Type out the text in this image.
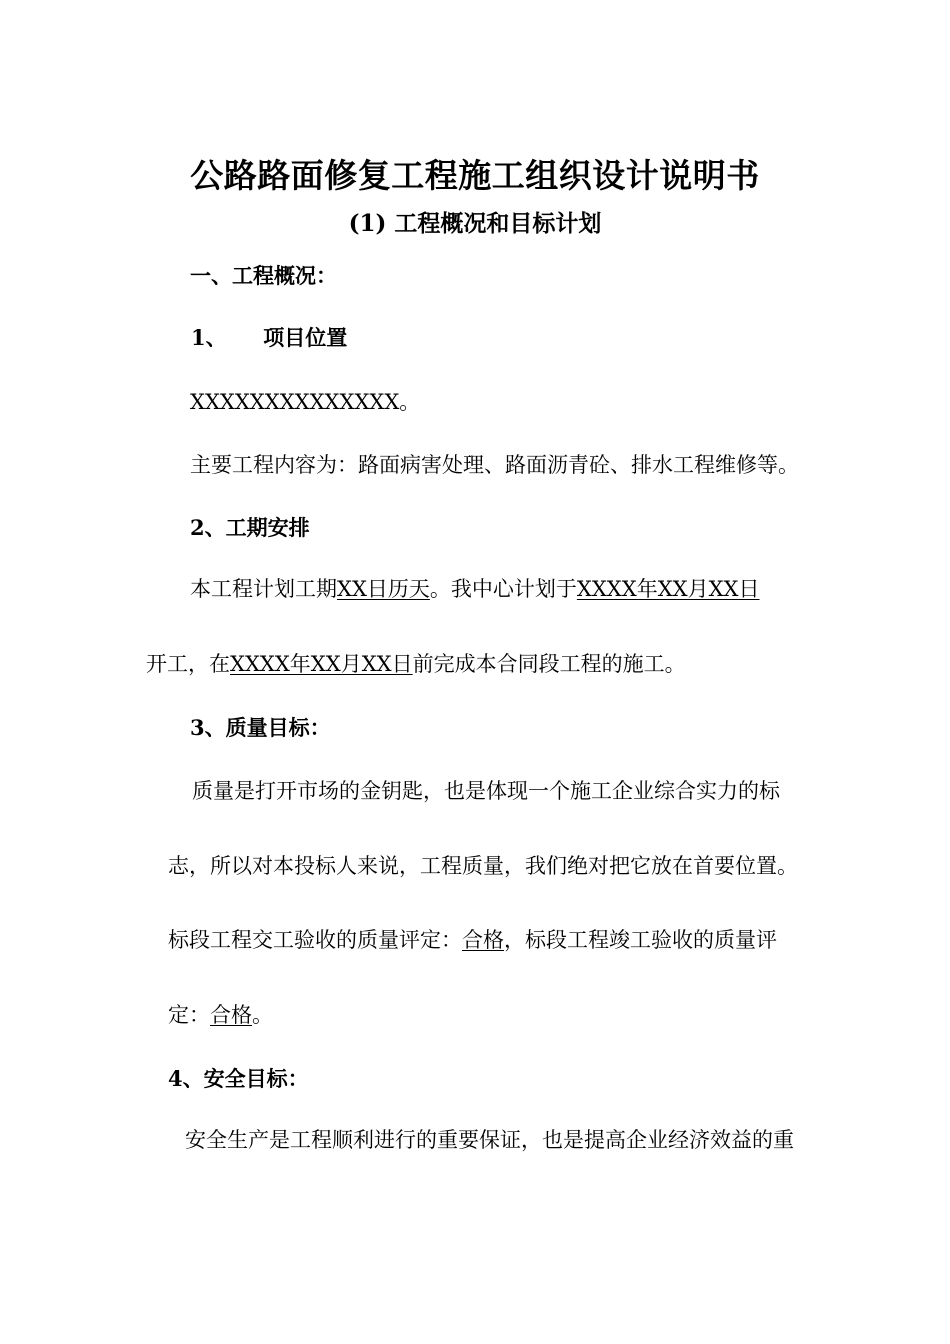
公路路面修复工程施工组织设计说明书
(1) 工程概况和目标计划
一、工程概况：
1、 项目位置
XXXXXXXXXXXXXX。
主要工程内容为：路面病害处理、路面沥青砼、排水工程维修等。
2、工期安排
本工程计划工期XX日历天。我中心计划于XXXX年XX月XX日
开工，在XXXX年XX月XX日前完成本合同段工程的施工。
3、质量目标：
质量是打开市场的金钥匙，也是体现一个施工企业综合实力的标
志，所以对本投标人来说，工程质量，我们绝对把它放在首要位置。
标段工程交工验收的质量评定：合格，标段工程竣工验收的质量评
定：合格。
4、安全目标：
安全生产是工程顺利进行的重要保证，也是提高企业经济效益的重
